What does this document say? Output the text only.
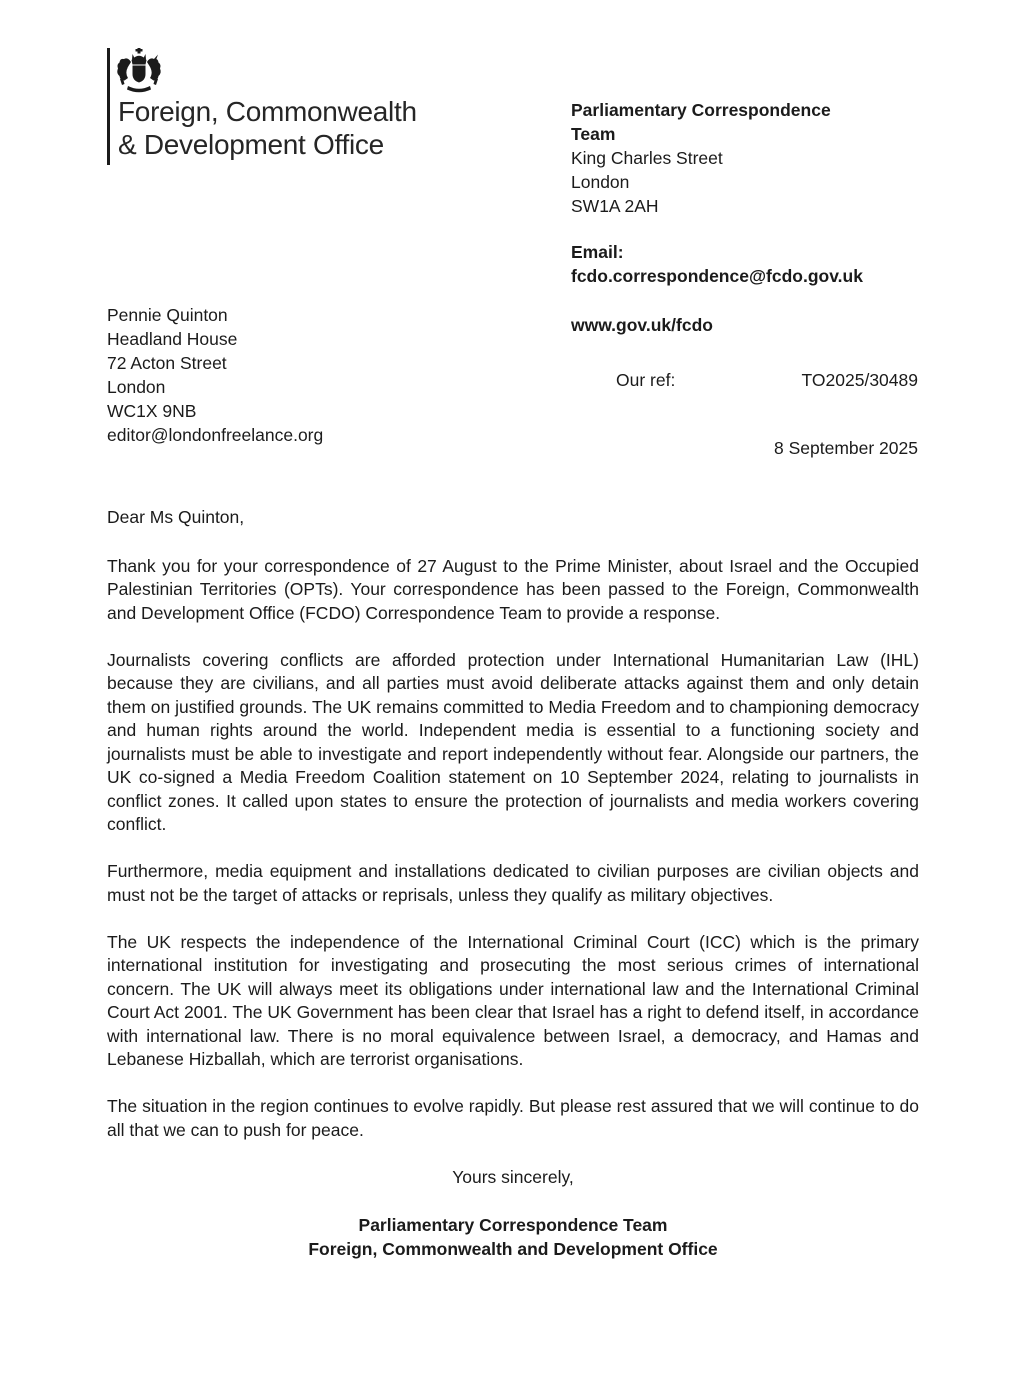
Foreign, Commonwealth
& Development Office
Parliamentary Correspondence
Team
King Charles Street
London
SW1A 2AH
Email:
fcdo.correspondence@fcdo.gov.uk
www.gov.uk/fcdo
Pennie Quinton
Headland House
72 Acton Street
London
WC1X 9NB
editor@londonfreelance.org
Our ref:	TO2025/30489
8 September 2025

Dear Ms Quinton,

Thank you for your correspondence of 27 August to the Prime Minister, about Israel and the Occupied Palestinian Territories (OPTs). Your correspondence has been passed to the Foreign, Commonwealth and Development Office (FCDO) Correspondence Team to provide a response.

Journalists covering conflicts are afforded protection under International Humanitarian Law (IHL) because they are civilians, and all parties must avoid deliberate attacks against them and only detain them on justified grounds. The UK remains committed to Media Freedom and to championing democracy and human rights around the world. Independent media is essential to a functioning society and journalists must be able to investigate and report independently without fear. Alongside our partners, the UK co-signed a Media Freedom Coalition statement on 10 September 2024, relating to journalists in conflict zones. It called upon states to ensure the protection of journalists and media workers covering conflict.

Furthermore, media equipment and installations dedicated to civilian purposes are civilian objects and must not be the target of attacks or reprisals, unless they qualify as military objectives.

The UK respects the independence of the International Criminal Court (ICC) which is the primary international institution for investigating and prosecuting the most serious crimes of international concern. The UK will always meet its obligations under international law and the International Criminal Court Act 2001. The UK Government has been clear that Israel has a right to defend itself, in accordance with international law. There is no moral equivalence between Israel, a democracy, and Hamas and Lebanese Hizballah, which are terrorist organisations.

The situation in the region continues to evolve rapidly. But please rest assured that we will continue to do all that we can to push for peace.

Yours sincerely,

Parliamentary Correspondence Team
Foreign, Commonwealth and Development Office
